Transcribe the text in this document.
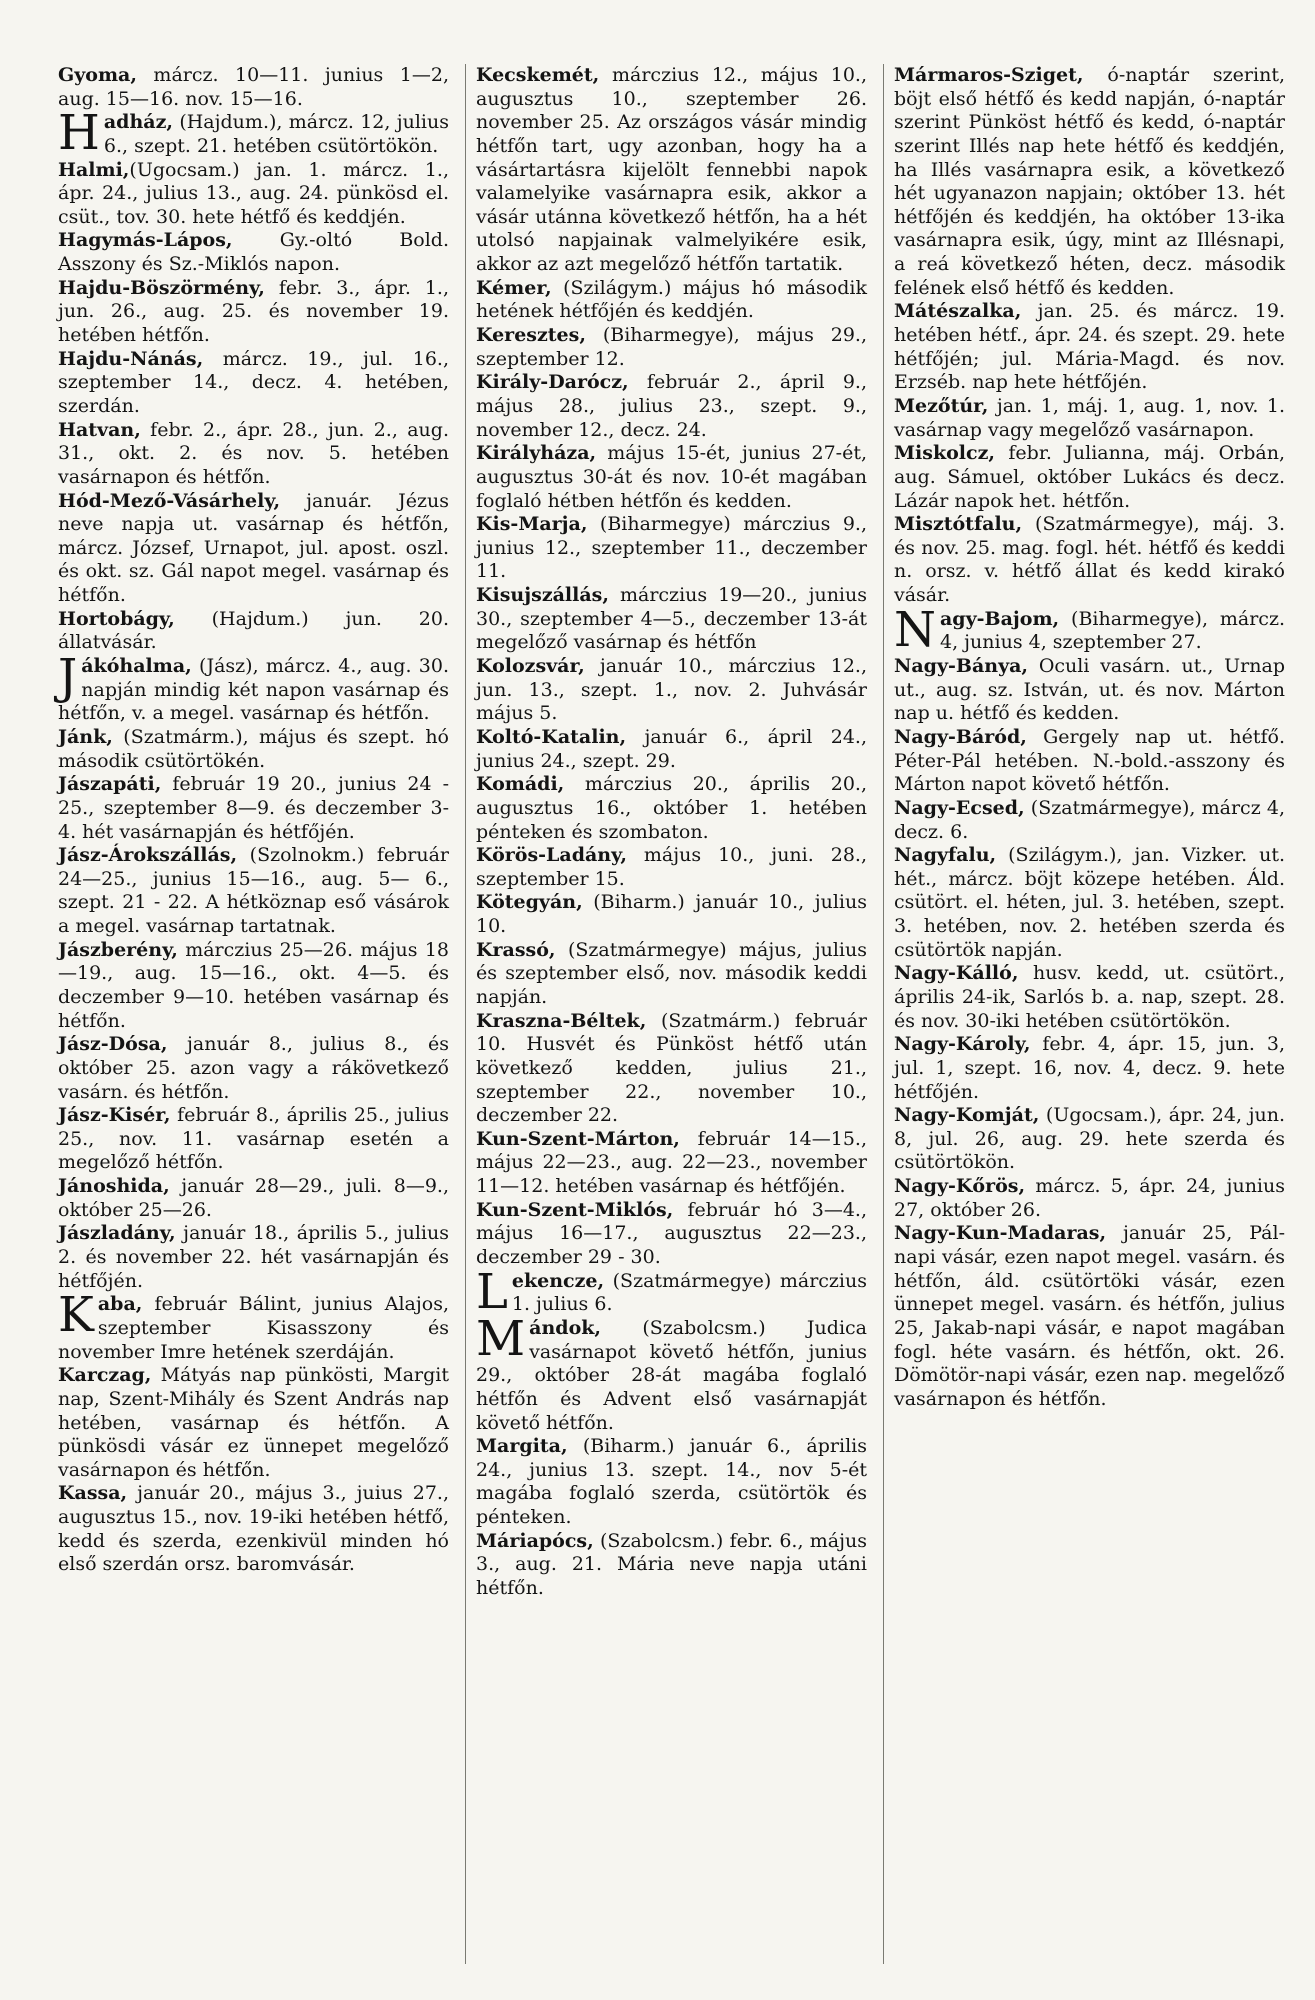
Gyoma, márcz. 10—11. junius 1—2, aug. 15—16. nov. 15—16.

Hadház, (Hajdum.), márcz. 12, julius 6., szept. 21. hetében csütörtökön.

Halmi,(Ugocsam.) jan. 1. márcz. 1., ápr. 24., julius 13., aug. 24. pünkösd el. csüt., tov. 30. hete hétfő és keddjén.

Hagymás-Lápos, Gy.-oltó Bold. Asszony és Sz.-Miklós napon.

Hajdu-Böszörmény, febr. 3., ápr. 1., jun. 26., aug. 25. és november 19. hetében hétfőn.

Hajdu-Nánás, márcz. 19., jul. 16., szeptember 14., decz. 4. hetében, szerdán.

Hatvan, febr. 2., ápr. 28., jun. 2., aug. 31., okt. 2. és nov. 5. hetében vasárnapon és hétfőn.

Hód-Mező-Vásárhely, január. Jézus neve napja ut. vasárnap és hétfőn, márcz. József, Urnapot, jul. apost. oszl. és okt. sz. Gál napot megel. vasárnap és hétfőn.

Hortobágy, (Hajdum.) jun. 20. állatvásár.

Jákóhalma, (Jász), márcz. 4., aug. 30. napján mindig két napon vasárnap és hétfőn, v. a megel. vasárnap és hétfőn.

Jánk, (Szatmárm.), május és szept. hó második csütörtökén.

Jászapáti, február 19 20., junius 24 - 25., szeptember 8—9. és deczember 3-4. hét vasárnapján és hétfőjén.

Jász-Árokszállás, (Szolnokm.) február 24—25., junius 15—16., aug. 5— 6., szept. 21 - 22. A hétköznap eső vásárok a megel. vasárnap tartatnak.

Jászberény, márczius 25—26. május 18—19., aug. 15—16., okt. 4—5. és deczember 9—10. hetében vasárnap és hétfőn.

Jász-Dósa, január 8., julius 8., és október 25. azon vagy a rákövetkező vasárn. és hétfőn.

Jász-Kisér, február 8., április 25., julius 25., nov. 11. vasárnap esetén a megelőző hétfőn.

Jánoshida, január 28—29., juli. 8—9., október 25—26.

Jászladány, január 18., április 5., julius 2. és november 22. hét vasárnapján és hétfőjén.

Kaba, február Bálint, junius Alajos, szeptember Kisasszony és november Imre hetének szerdáján.

Karczag, Mátyás nap pünkösti, Margit nap, Szent-Mihály és Szent András nap hetében, vasárnap és hétfőn. A pünkösdi vásár ez ünnepet megelőző vasárnapon és hétfőn.

Kassa, január 20., május 3., juius 27., augusztus 15., nov. 19-iki hetében hétfő, kedd és szerda, ezenkivül minden hó első szerdán orsz. baromvásár.

Kecskemét, márczius 12., május 10., augusztus 10., szeptember 26. november 25. Az országos vásár mindig hétfőn tart, ugy azonban, hogy ha a vásártartásra kijelölt fennebbi napok valamelyike vasárnapra esik, akkor a vásár utánna következő hétfőn, ha a hét utolsó napjainak valmelyikére esik, akkor az azt megelőző hétfőn tartatik.

Kémer, (Szilágym.) május hó második hetének hétfőjén és keddjén.

Keresztes, (Biharmegye), május 29., szeptember 12.

Király-Darócz, február 2., ápril 9., május 28., julius 23., szept. 9., november 12., decz. 24.

Királyháza, május 15-ét, junius 27-ét, augusztus 30-át és nov. 10-ét magában foglaló hétben hétfőn és kedden.

Kis-Marja, (Biharmegye) márczius 9., junius 12., szeptember 11., deczember 11.

Kisujszállás, márczius 19—20., junius 30., szeptember 4—5., deczember 13-át megelőző vasárnap és hétfőn

Kolozsvár, január 10., márczius 12., jun. 13., szept. 1., nov. 2. Juhvásár május 5.

Koltó-Katalin, január 6., ápril 24., junius 24., szept. 29.

Komádi, márczius 20., április 20., augusztus 16., október 1. hetében pénteken és szombaton.

Körös-Ladány, május 10., juni. 28., szeptember 15.

Kötegyán, (Biharm.) január 10., julius 10.

Krassó, (Szatmármegye) május, julius és szeptember első, nov. második keddi napján.

Kraszna-Béltek, (Szatmárm.) február 10. Husvét és Pünköst hétfő után következő kedden, julius 21., szeptember 22., november 10., deczember 22.

Kun-Szent-Márton, február 14—15., május 22—23., aug. 22—23., november 11—12. hetében vasárnap és hétfőjén.

Kun-Szent-Miklós, február hó 3—4., május 16—17., augusztus 22—23., deczember 29 - 30.

Lekencze, (Szatmármegye) márczius 1. julius 6.

Mándok, (Szabolcsm.) Judica vasárnapot követő hétfőn, junius 29., október 28-át magába foglaló hétfőn és Advent első vasárnapját követő hétfőn.

Margita, (Biharm.) január 6., április 24., junius 13. szept. 14., nov 5-ét magába foglaló szerda, csütörtök és pénteken.

Máriapócs, (Szabolcsm.) febr. 6., május 3., aug. 21. Mária neve napja utáni hétfőn.

Mármaros-Sziget, ó-naptár szerint, böjt első hétfő és kedd napján, ó-naptár szerint Pünköst hétfő és kedd, ó-naptár szerint Illés nap hete hétfő és keddjén, ha Illés vasárnapra esik, a következő hét ugyanazon napjain; október 13. hét hétfőjén és keddjén, ha október 13-ika vasárnapra esik, úgy, mint az Illésnapi, a reá következő héten, decz. második felének első hétfő és kedden.

Mátészalka, jan. 25. és márcz. 19. hetében hétf., ápr. 24. és szept. 29. hete hétfőjén; jul. Mária-Magd. és nov. Erzséb. nap hete hétfőjén.

Mezőtúr, jan. 1, máj. 1, aug. 1, nov. 1. vasárnap vagy megelőző vasárnapon.

Miskolcz, febr. Julianna, máj. Orbán, aug. Sámuel, október Lukács és decz. Lázár napok het. hétfőn.

Misztótfalu, (Szatmármegye), máj. 3. és nov. 25. mag. fogl. hét. hétfő és keddi n. orsz. v. hétfő állat és kedd kirakó vásár.

Nagy-Bajom, (Biharmegye), márcz. 4, junius 4, szeptember 27.

Nagy-Bánya, Oculi vasárn. ut., Urnap ut., aug. sz. István, ut. és nov. Márton nap u. hétfő és kedden.

Nagy-Báród, Gergely nap ut. hétfő. Péter-Pál hetében. N.-bold.-asszony és Márton napot követő hétfőn.

Nagy-Ecsed, (Szatmármegye), márcz 4, decz. 6.

Nagyfalu, (Szilágym.), jan. Vizker. ut. hét., márcz. böjt közepe hetében. Áld. csütört. el. héten, jul. 3. hetében, szept. 3. hetében, nov. 2. hetében szerda és csütörtök napján.

Nagy-Kálló, husv. kedd, ut. csütört., április 24-ik, Sarlós b. a. nap, szept. 28. és nov. 30-iki hetében csütörtökön.

Nagy-Károly, febr. 4, ápr. 15, jun. 3, jul. 1, szept. 16, nov. 4, decz. 9. hete hétfőjén.

Nagy-Komját, (Ugocsam.), ápr. 24, jun. 8, jul. 26, aug. 29. hete szerda és csütörtökön.

Nagy-Kőrös, márcz. 5, ápr. 24, junius 27, október 26.

Nagy-Kun-Madaras, január 25, Pál-napi vásár, ezen napot megel. vasárn. és hétfőn, áld. csütörtöki vásár, ezen ünnepet megel. vasárn. és hétfőn, julius 25, Jakab-napi vásár, e napot magában fogl. héte vasárn. és hétfőn, okt. 26. Dömötör-napi vásár, ezen nap. megelőző vasárnapon és hétfőn.
